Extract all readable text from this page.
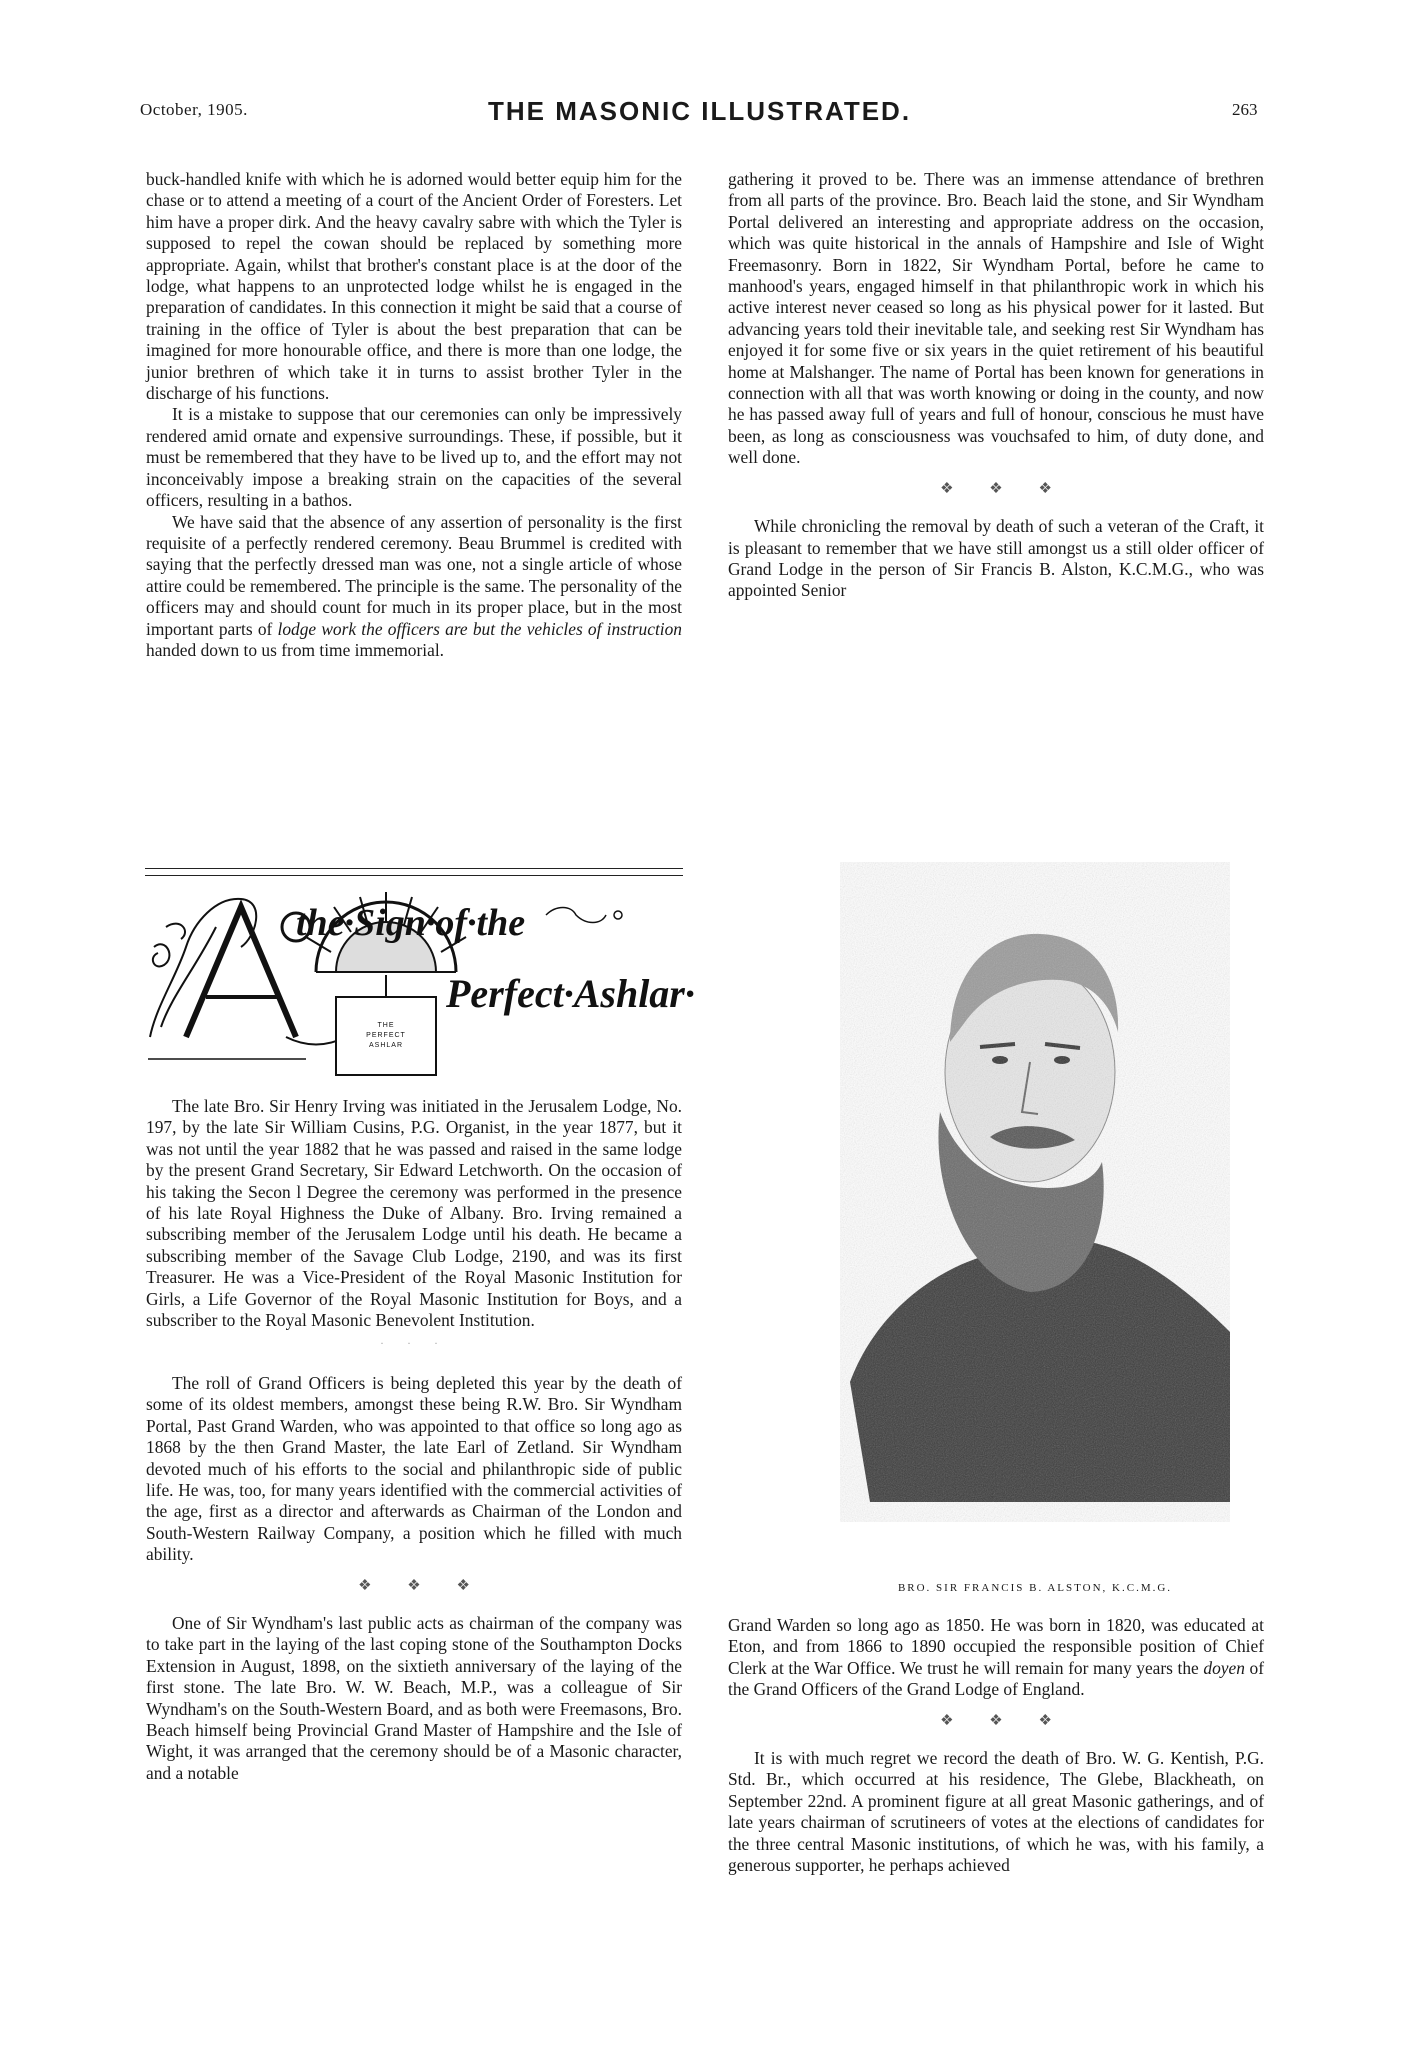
October, 1905.	THE MASONIC ILLUSTRATED.	263

buck-handled knife with which he is adorned would better equip him for the chase or to attend a meeting of a court of the Ancient Order of Foresters. Let him have a proper dirk. And the heavy cavalry sabre with which the Tyler is supposed to repel the cowan should be replaced by something more appropriate. Again, whilst that brother's constant place is at the door of the lodge, what happens to an unprotected lodge whilst he is engaged in the preparation of candidates. In this connection it might be said that a course of training in the office of Tyler is about the best preparation that can be imagined for more honourable office, and there is more than one lodge, the junior brethren of which take it in turns to assist brother Tyler in the discharge of his functions.

It is a mistake to suppose that our ceremonies can only be impressively rendered amid ornate and expensive surroundings. These, if possible, but it must be remembered that they have to be lived up to, and the effort may not inconceivably impose a breaking strain on the capacities of the several officers, resulting in a bathos.

We have said that the absence of any assertion of personality is the first requisite of a perfectly rendered ceremony. Beau Brummel is credited with saying that the perfectly dressed man was one, not a single article of whose attire could be remembered. The principle is the same. The personality of the officers may and should count for much in its proper place, but in the most important parts of lodge work the officers are but the vehicles of instruction handed down to us from time immemorial.

THE
PERFECT
ASHLAR
the·Sign·of·the
Perfect·Ashlar·

The late Bro. Sir Henry Irving was initiated in the Jerusalem Lodge, No. 197, by the late Sir William Cusins, P.G. Organist, in the year 1877, but it was not until the year 1882 that he was passed and raised in the same lodge by the present Grand Secretary, Sir Edward Letchworth. On the occasion of his taking the Secon l Degree the ceremony was performed in the presence of his late Royal Highness the Duke of Albany. Bro. Irving remained a subscribing member of the Jerusalem Lodge until his death. He became a subscribing member of the Savage Club Lodge, 2190, and was its first Treasurer. He was a Vice-President of the Royal Masonic Institution for Girls, a Life Governor of the Royal Masonic Institution for Boys, and a subscriber to the Royal Masonic Benevolent Institution.

· · ·

The roll of Grand Officers is being depleted this year by the death of some of its oldest members, amongst these being R.W. Bro. Sir Wyndham Portal, Past Grand Warden, who was appointed to that office so long ago as 1868 by the then Grand Master, the late Earl of Zetland. Sir Wyndham devoted much of his efforts to the social and philanthropic side of public life. He was, too, for many years identified with the commercial activities of the age, first as a director and afterwards as Chairman of the London and South-Western Railway Company, a position which he filled with much ability.

❖ ❖ ❖

One of Sir Wyndham's last public acts as chairman of the company was to take part in the laying of the last coping stone of the Southampton Docks Extension in August, 1898, on the sixtieth anniversary of the laying of the first stone. The late Bro. W. W. Beach, M.P., was a colleague of Sir Wyndham's on the South-Western Board, and as both were Freemasons, Bro. Beach himself being Provincial Grand Master of Hampshire and the Isle of Wight, it was arranged that the ceremony should be of a Masonic character, and a notable

gathering it proved to be. There was an immense attendance of brethren from all parts of the province. Bro. Beach laid the stone, and Sir Wyndham Portal delivered an interesting and appropriate address on the occasion, which was quite historical in the annals of Hampshire and Isle of Wight Freemasonry. Born in 1822, Sir Wyndham Portal, before he came to manhood's years, engaged himself in that philanthropic work in which his active interest never ceased so long as his physical power for it lasted. But advancing years told their inevitable tale, and seeking rest Sir Wyndham has enjoyed it for some five or six years in the quiet retirement of his beautiful home at Malshanger. The name of Portal has been known for generations in connection with all that was worth knowing or doing in the county, and now he has passed away full of years and full of honour, conscious he must have been, as long as consciousness was vouchsafed to him, of duty done, and well done.

❖ ❖ ❖

While chronicling the removal by death of such a veteran of the Craft, it is pleasant to remember that we have still amongst us a still older officer of Grand Lodge in the person of Sir Francis B. Alston, K.C.M.G., who was appointed Senior

BRO. SIR FRANCIS B. ALSTON, K.C.M.G.

Grand Warden so long ago as 1850. He was born in 1820, was educated at Eton, and from 1866 to 1890 occupied the responsible position of Chief Clerk at the War Office. We trust he will remain for many years the doyen of the Grand Officers of the Grand Lodge of England.

❖ ❖ ❖

It is with much regret we record the death of Bro. W. G. Kentish, P.G. Std. Br., which occurred at his residence, The Glebe, Blackheath, on September 22nd. A prominent figure at all great Masonic gatherings, and of late years chairman of scrutineers of votes at the elections of candidates for the three central Masonic institutions, of which he was, with his family, a generous supporter, he perhaps achieved
